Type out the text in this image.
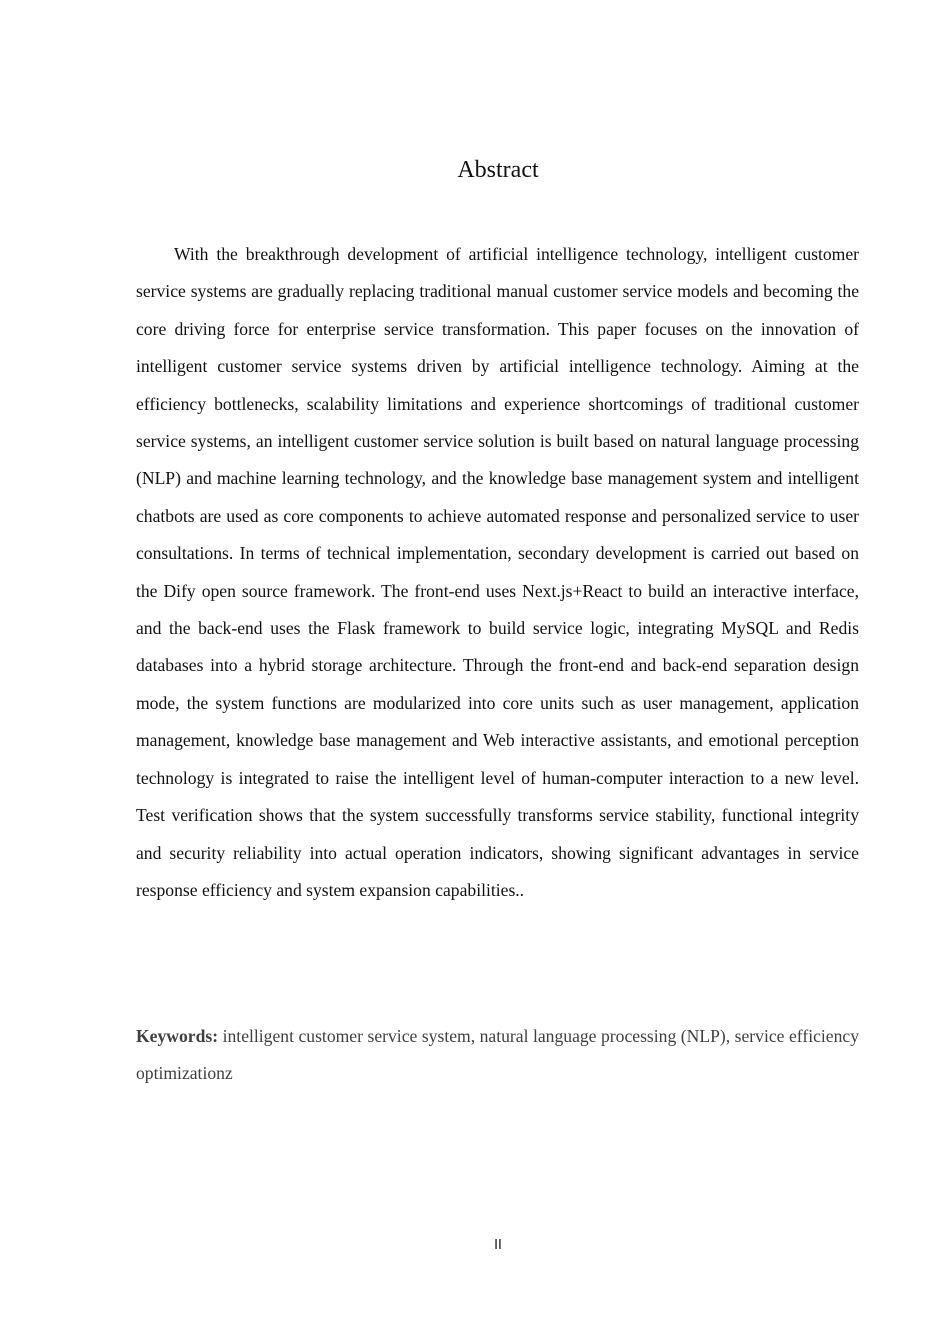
Abstract

With the breakthrough development of artificial intelligence technology, intelligent customer service systems are gradually replacing traditional manual customer service models and becoming the core driving force for enterprise service transformation. This paper focuses on the innovation of intelligent customer service systems driven by artificial intelligence technology. Aiming at the efficiency bottlenecks, scalability limitations and experience shortcomings of traditional customer service systems, an intelligent customer service solution is built based on natural language processing (NLP) and machine learning technology, and the knowledge base management system and intelligent chatbots are used as core components to achieve automated response and personalized service to user consultations. In terms of technical implementation, secondary development is carried out based on the Dify open source framework. The front-end uses Next.js+React to build an interactive interface, and the back-end uses the Flask framework to build service logic, integrating MySQL and Redis databases into a hybrid storage architecture. Through the front-end and back-end separation design mode, the system functions are modularized into core units such as user management, application management, knowledge base management and Web interactive assistants, and emotional perception technology is integrated to raise the intelligent level of human-computer interaction to a new level. Test verification shows that the system successfully transforms service stability, functional integrity and security reliability into actual operation indicators, showing significant advantages in service response efficiency and system expansion capabilities..

Keywords: intelligent customer service system, natural language processing (NLP), service efficiency optimizationz

II
